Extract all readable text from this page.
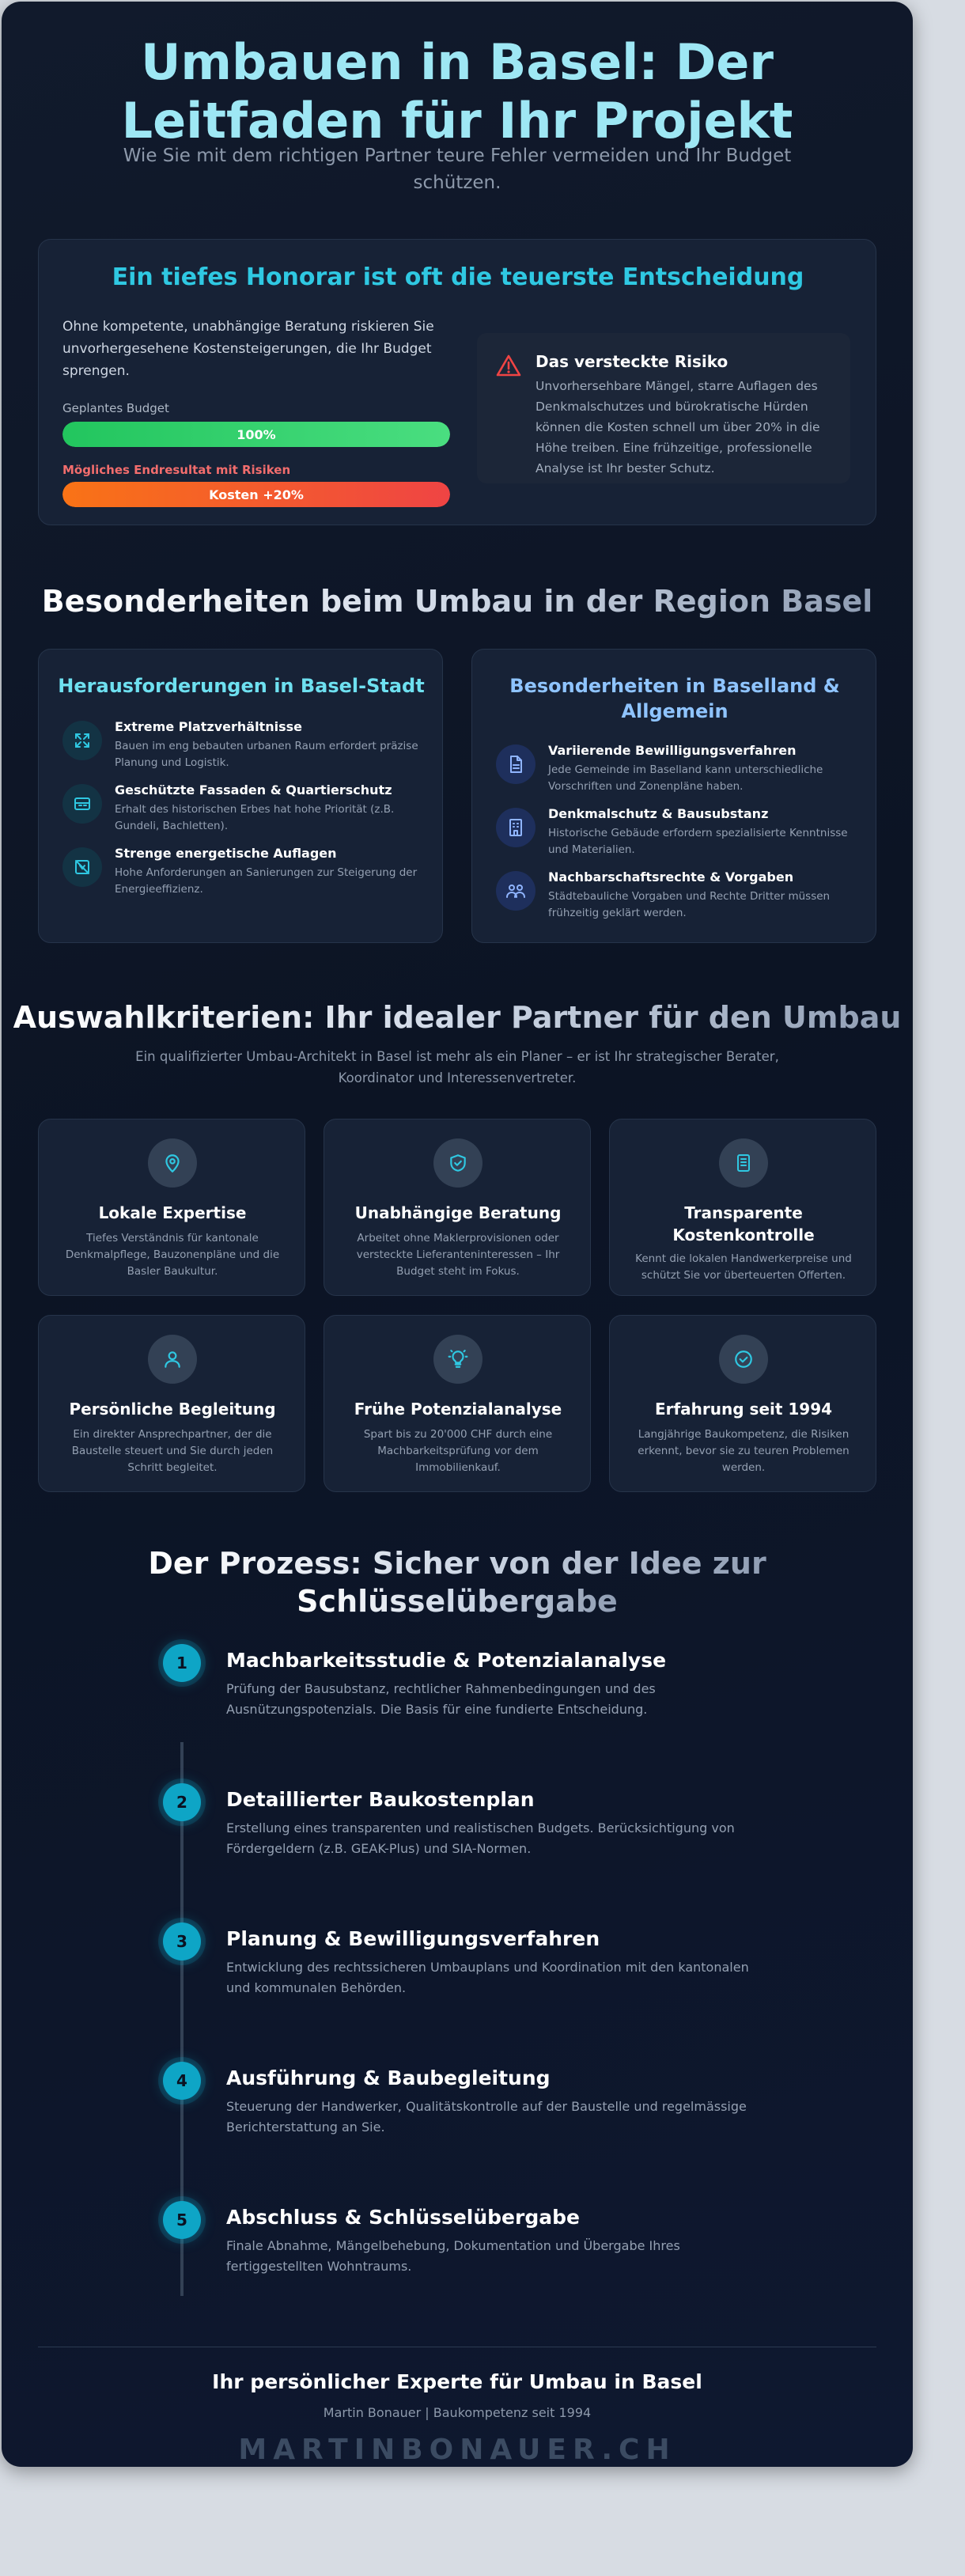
Umbauen in Basel: Der
Leitfaden für Ihr Projekt
Wie Sie mit dem richtigen Partner teure Fehler vermeiden und Ihr Budget schützen.
Ein tiefes Honorar ist oft die teuerste Entscheidung
Ohne kompetente, unabhängige Beratung riskieren Sie unvorhergesehene Kostensteigerungen, die Ihr Budget sprengen.
Geplantes Budget
100%
Mögliches Endresultat mit Risiken
Kosten +20%
Das versteckte Risiko
Unvorhersehbare Mängel, starre Auflagen des Denkmalschutzes und bürokratische Hürden können die Kosten schnell um über 20% in die Höhe treiben. Eine frühzeitige, professionelle Analyse ist Ihr bester Schutz.
Besonderheiten beim Umbau in der Region Basel
Herausforderungen in Basel-Stadt
Extreme Platzverhältnisse
Bauen im eng bebauten urbanen Raum erfordert präzise Planung und Logistik.
Geschützte Fassaden & Quartierschutz
Erhalt des historischen Erbes hat hohe Priorität (z.B. Gundeli, Bachletten).
Strenge energetische Auflagen
Hohe Anforderungen an Sanierungen zur Steigerung der Energieeffizienz.
Besonderheiten in Baselland &
Allgemein
Variierende Bewilligungsverfahren
Jede Gemeinde im Baselland kann unterschiedliche Vorschriften und Zonenpläne haben.
Denkmalschutz & Bausubstanz
Historische Gebäude erfordern spezialisierte Kenntnisse und Materialien.
Nachbarschaftsrechte & Vorgaben
Städtebauliche Vorgaben und Rechte Dritter müssen frühzeitig geklärt werden.
Auswahlkriterien: Ihr idealer Partner für den Umbau
Ein qualifizierter Umbau-Architekt in Basel ist mehr als ein Planer – er ist Ihr strategischer Berater, Koordinator und Interessenvertreter.
Lokale Expertise
Tiefes Verständnis für kantonale Denkmalpflege, Bauzonenpläne und die Basler Baukultur.
Unabhängige Beratung
Arbeitet ohne Maklerprovisionen oder versteckte Lieferanteninteressen – Ihr Budget steht im Fokus.
Transparente
Kostenkontrolle
Kennt die lokalen Handwerkerpreise und schützt Sie vor überteuerten Offerten.
Persönliche Begleitung
Ein direkter Ansprechpartner, der die Baustelle steuert und Sie durch jeden Schritt begleitet.
Frühe Potenzialanalyse
Spart bis zu 20'000 CHF durch eine Machbarkeitsprüfung vor dem Immobilienkauf.
Erfahrung seit 1994
Langjährige Baukompetenz, die Risiken erkennt, bevor sie zu teuren Problemen werden.
Der Prozess: Sicher von der Idee zur
Schlüsselübergabe
1	Machbarkeitsstudie & Potenzialanalyse
Prüfung der Bausubstanz, rechtlicher Rahmenbedingungen und des Ausnützungspotenzials. Die Basis für eine fundierte Entscheidung.
2	Detaillierter Baukostenplan
Erstellung eines transparenten und realistischen Budgets. Berücksichtigung von Fördergeldern (z.B. GEAK-Plus) und SIA-Normen.
3	Planung & Bewilligungsverfahren
Entwicklung des rechtssicheren Umbauplans und Koordination mit den kantonalen und kommunalen Behörden.
4	Ausführung & Baubegleitung
Steuerung der Handwerker, Qualitätskontrolle auf der Baustelle und regelmässige Berichterstattung an Sie.
5	Abschluss & Schlüsselübergabe
Finale Abnahme, Mängelbehebung, Dokumentation und Übergabe Ihres fertiggestellten Wohntraums.
Ihr persönlicher Experte für Umbau in Basel
Martin Bonauer | Baukompetenz seit 1994
MARTINBONAUER.CH
